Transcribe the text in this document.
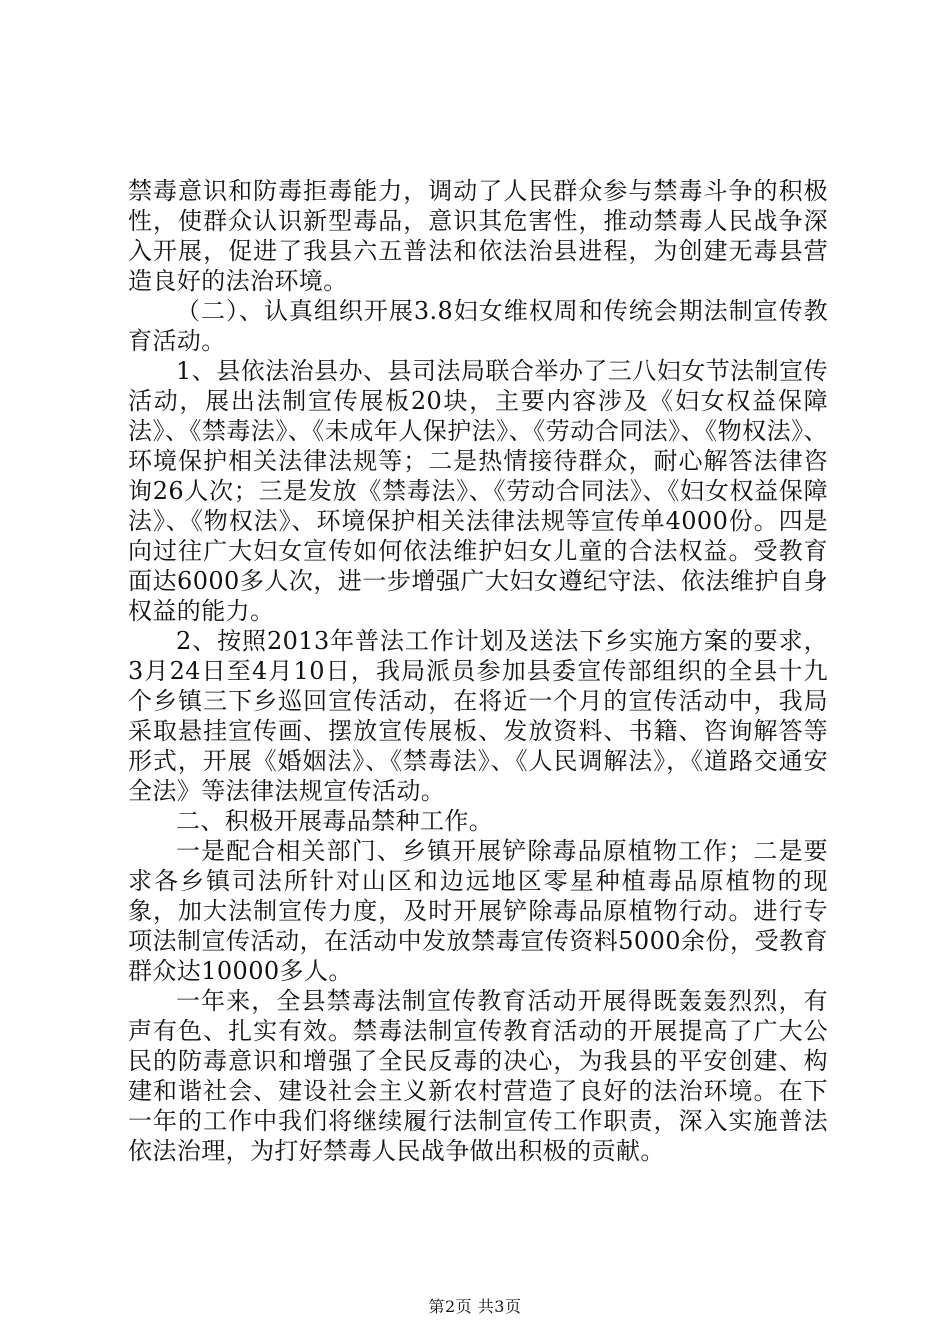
禁毒意识和防毒拒毒能力，调动了人民群众参与禁毒斗争的积极性，使群众认识新型毒品，意识其危害性，推动禁毒人民战争深入开展，促进了我县六五普法和依法治县进程，为创建无毒县营造良好的法治环境。

（二）、认真组织开展3.8妇女维权周和传统会期法制宣传教育活动。

1、县依法治县办、县司法局联合举办了三八妇女节法制宣传活动，展出法制宣传展板20块，主要内容涉及《妇女权益保障法》、《禁毒法》、《未成年人保护法》、《劳动合同法》、《物权法》、环境保护相关法律法规等；二是热情接待群众，耐心解答法律咨询26人次；三是发放《禁毒法》、《劳动合同法》、《妇女权益保障法》、《物权法》、环境保护相关法律法规等宣传单4000份。四是向过往广大妇女宣传如何依法维护妇女儿童的合法权益。受教育面达6000多人次，进一步增强广大妇女遵纪守法、依法维护自身权益的能力。

2、按照2013年普法工作计划及送法下乡实施方案的要求，3月24日至4月10日，我局派员参加县委宣传部组织的全县十九个乡镇三下乡巡回宣传活动，在将近一个月的宣传活动中，我局采取悬挂宣传画、摆放宣传展板、发放资料、书籍、咨询解答等形式，开展《婚姻法》、《禁毒法》、《人民调解法》，《道路交通安全法》等法律法规宣传活动。

二、积极开展毒品禁种工作。

一是配合相关部门、乡镇开展铲除毒品原植物工作；二是要求各乡镇司法所针对山区和边远地区零星种植毒品原植物的现象，加大法制宣传力度，及时开展铲除毒品原植物行动。进行专项法制宣传活动，在活动中发放禁毒宣传资料5000余份，受教育群众达10000多人。

一年来，全县禁毒法制宣传教育活动开展得既轰轰烈烈，有声有色、扎实有效。禁毒法制宣传教育活动的开展提高了广大公民的防毒意识和增强了全民反毒的决心，为我县的平安创建、构建和谐社会、建设社会主义新农村营造了良好的法治环境。在下一年的工作中我们将继续履行法制宣传工作职责，深入实施普法依法治理，为打好禁毒人民战争做出积极的贡献。

第2页 共3页
